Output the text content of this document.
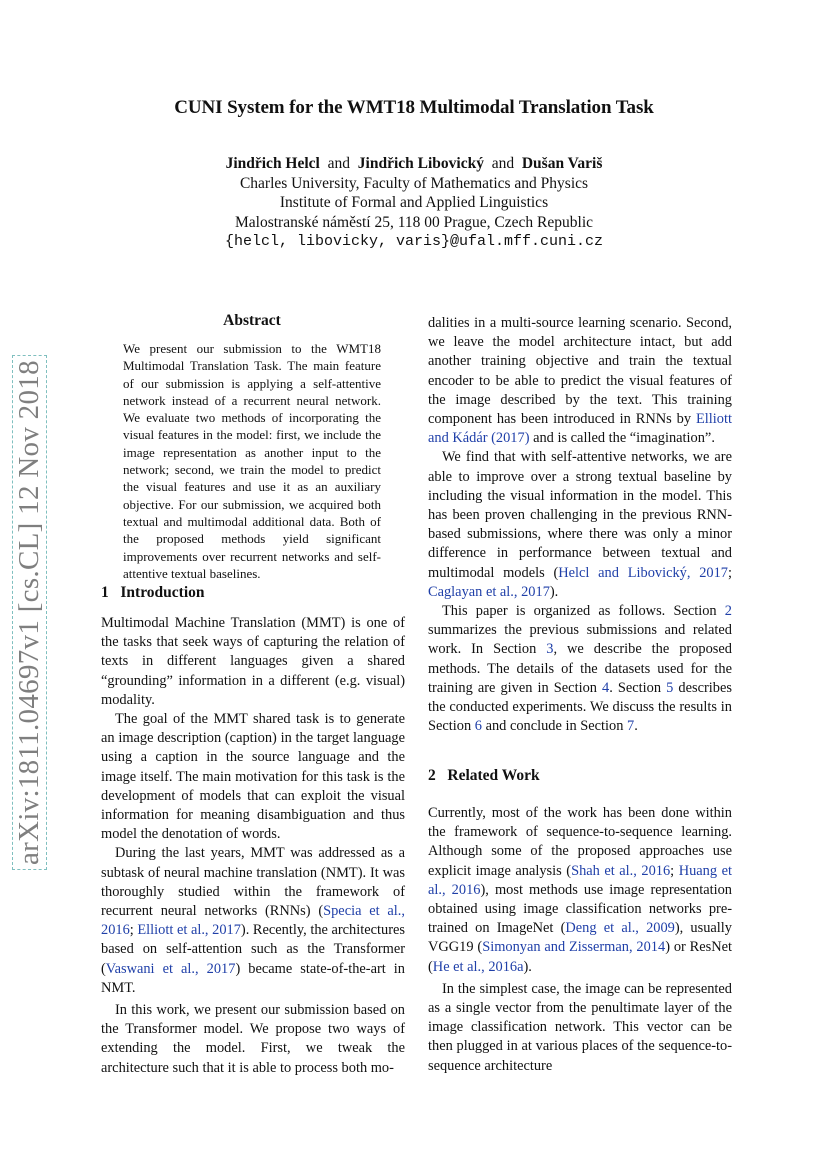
CUNI System for the WMT18 Multimodal Translation Task
Jindřich Helcl and Jindřich Libovický and Dušan Variš
Charles University, Faculty of Mathematics and Physics
Institute of Formal and Applied Linguistics
Malostranské náměstí 25, 118 00 Prague, Czech Republic
{helcl, libovicky, varis}@ufal.mff.cuni.cz
arXiv:1811.04697v1 [cs.CL] 12 Nov 2018
Abstract
We present our submission to the WMT18 Multimodal Translation Task. The main feature of our submission is applying a self-attentive network instead of a recurrent neural network. We evaluate two methods of incorporating the visual features in the model: first, we include the image representation as another input to the network; second, we train the model to predict the visual features and use it as an auxiliary objective. For our submission, we acquired both textual and multimodal additional data. Both of the proposed methods yield significant improvements over recurrent networks and self-attentive textual baselines.
1 Introduction

Multimodal Machine Translation (MMT) is one of the tasks that seek ways of capturing the relation of texts in different languages given a shared “grounding” information in a different (e.g. visual) modality.

The goal of the MMT shared task is to generate an image description (caption) in the target language using a caption in the source language and the image itself. The main motivation for this task is the development of models that can exploit the visual information for meaning disambiguation and thus model the denotation of words.

During the last years, MMT was addressed as a subtask of neural machine translation (NMT). It was thoroughly studied within the framework of recurrent neural networks (RNNs) (Specia et al., 2016; Elliott et al., 2017). Recently, the architectures based on self-attention such as the Transformer (Vaswani et al., 2017) became state-of-the-art in NMT.

In this work, we present our submission based on the Transformer model. We propose two ways of extending the model. First, we tweak the architecture such that it is able to process both mo-

dalities in a multi-source learning scenario. Second, we leave the model architecture intact, but add another training objective and train the textual encoder to be able to predict the visual features of the image described by the text. This training component has been introduced in RNNs by Elliott and Kádár (2017) and is called the “imagination”.

We find that with self-attentive networks, we are able to improve over a strong textual baseline by including the visual information in the model. This has been proven challenging in the previous RNN-based submissions, where there was only a minor difference in performance between textual and multimodal models (Helcl and Libovický, 2017; Caglayan et al., 2017).

This paper is organized as follows. Section 2 summarizes the previous submissions and related work. In Section 3, we describe the proposed methods. The details of the datasets used for the training are given in Section 4. Section 5 describes the conducted experiments. We discuss the results in Section 6 and conclude in Section 7.

2 Related Work

Currently, most of the work has been done within the framework of sequence-to-sequence learning. Although some of the proposed approaches use explicit image analysis (Shah et al., 2016; Huang et al., 2016), most methods use image representation obtained using image classification networks pre-trained on ImageNet (Deng et al., 2009), usually VGG19 (Simonyan and Zisserman, 2014) or ResNet (He et al., 2016a).

In the simplest case, the image can be represented as a single vector from the penultimate layer of the image classification network. This vector can be then plugged in at various places of the sequence-to-sequence architecture
